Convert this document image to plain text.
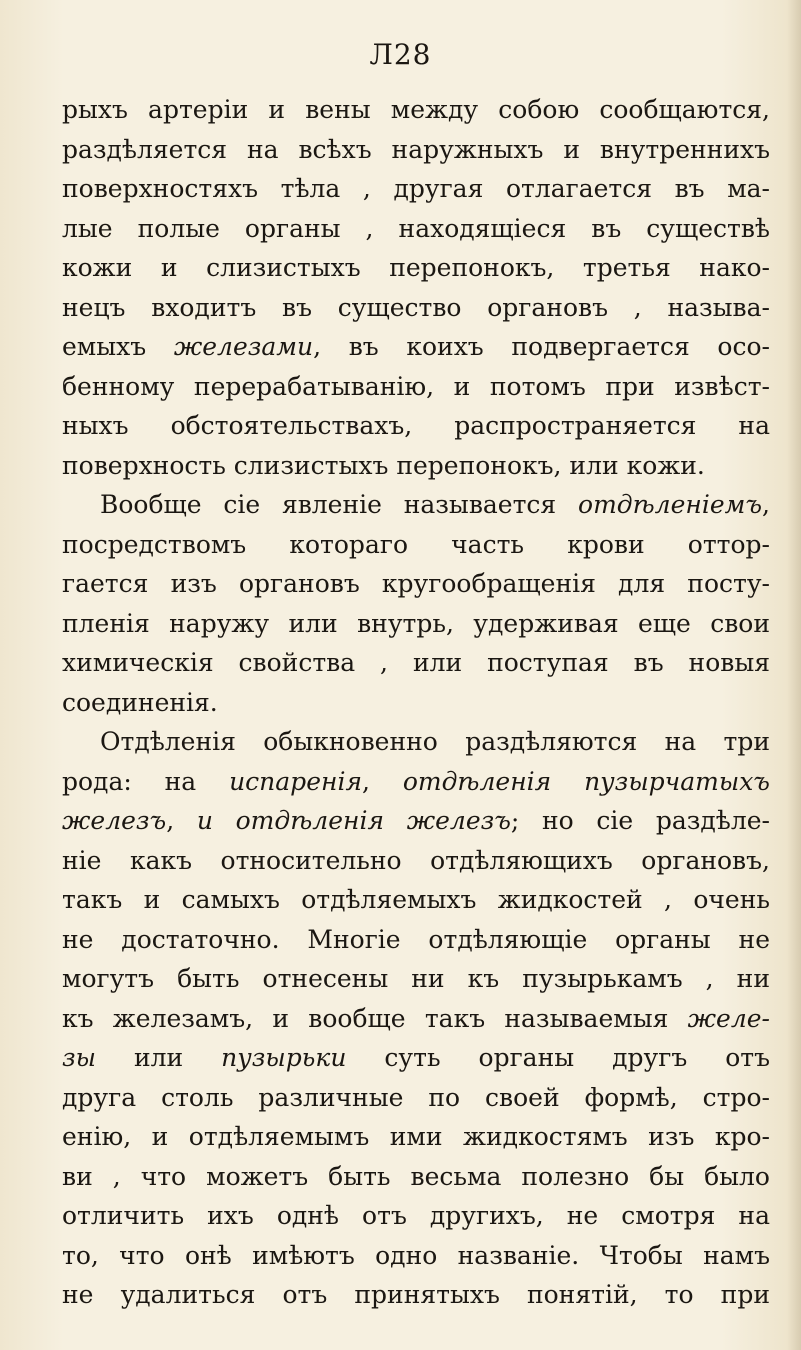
Л28
рыхъ артеріи и вены между собою сообщаются,
раздѣляется на всѣхъ наружныхъ и внутреннихъ
поверхностяхъ тѣла , другая отлагается въ ма-
лые полые органы , находящіеся въ существѣ
кожи и слизистыхъ перепонокъ, третья нако-
нецъ входитъ въ существо органовъ , называ-
емыхъ железами, въ коихъ подвергается осо-
бенному перерабатыванію, и потомъ при извѣст-
ныхъ обстоятельствахъ, распространяется на
поверхность слизистыхъ перепонокъ, или кожи.
Вообще сіе явленіе называется отдѣленіемъ,
посредствомъ котораго часть крови оттор-
гается изъ органовъ кругообращенія для посту-
пленія наружу или внутрь, удерживая еще свои
химическія свойства , или поступая въ новыя
соединенія.
Отдѣленія обыкновенно раздѣляются на три
рода: на испаренія, отдѣленія пузырчатыхъ
железъ, и отдѣленія железъ; но сіе раздѣле-
ніе какъ относительно отдѣляющихъ органовъ,
такъ и самыхъ отдѣляемыхъ жидкостей , очень
не достаточно. Многіе отдѣляющіе органы не
могутъ быть отнесены ни къ пузырькамъ , ни
къ железамъ, и вообще такъ называемыя желе-
зы или пузырьки суть органы другъ отъ
друга столь различные по своей формѣ, стро-
енію, и отдѣляемымъ ими жидкостямъ изъ кро-
ви , что можетъ быть весьма полезно бы было
отличить ихъ однѣ отъ другихъ, не смотря на
то, что онѣ имѣютъ одно названіе. Чтобы намъ
не удалиться отъ принятыхъ понятій, то при
